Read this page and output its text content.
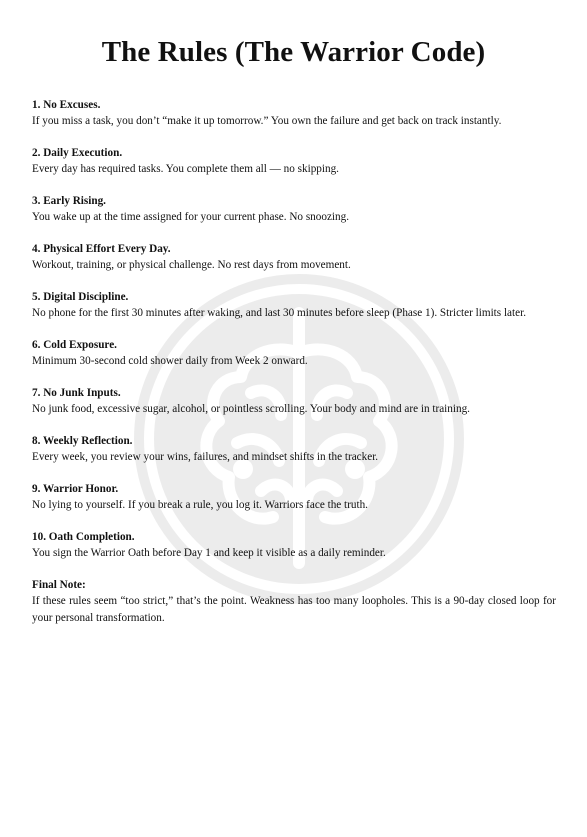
The Rules (The Warrior Code)
1. No Excuses.
If you miss a task, you don’t “make it up tomorrow.” You own the failure and get back on track instantly.
2. Daily Execution.
Every day has required tasks. You complete them all — no skipping.
3. Early Rising.
You wake up at the time assigned for your current phase. No snoozing.
4. Physical Effort Every Day.
Workout, training, or physical challenge. No rest days from movement.
5. Digital Discipline.
No phone for the first 30 minutes after waking, and last 30 minutes before sleep (Phase 1). Stricter limits later.
6. Cold Exposure.
Minimum 30-second cold shower daily from Week 2 onward.
7. No Junk Inputs.
No junk food, excessive sugar, alcohol, or pointless scrolling. Your body and mind are in training.
8. Weekly Reflection.
Every week, you review your wins, failures, and mindset shifts in the tracker.
9. Warrior Honor.
No lying to yourself. If you break a rule, you log it. Warriors face the truth.
10. Oath Completion.
You sign the Warrior Oath before Day 1 and keep it visible as a daily reminder.
Final Note:
If these rules seem “too strict,” that’s the point. Weakness has too many loopholes. This is a 90-day closed loop for your personal transformation.
